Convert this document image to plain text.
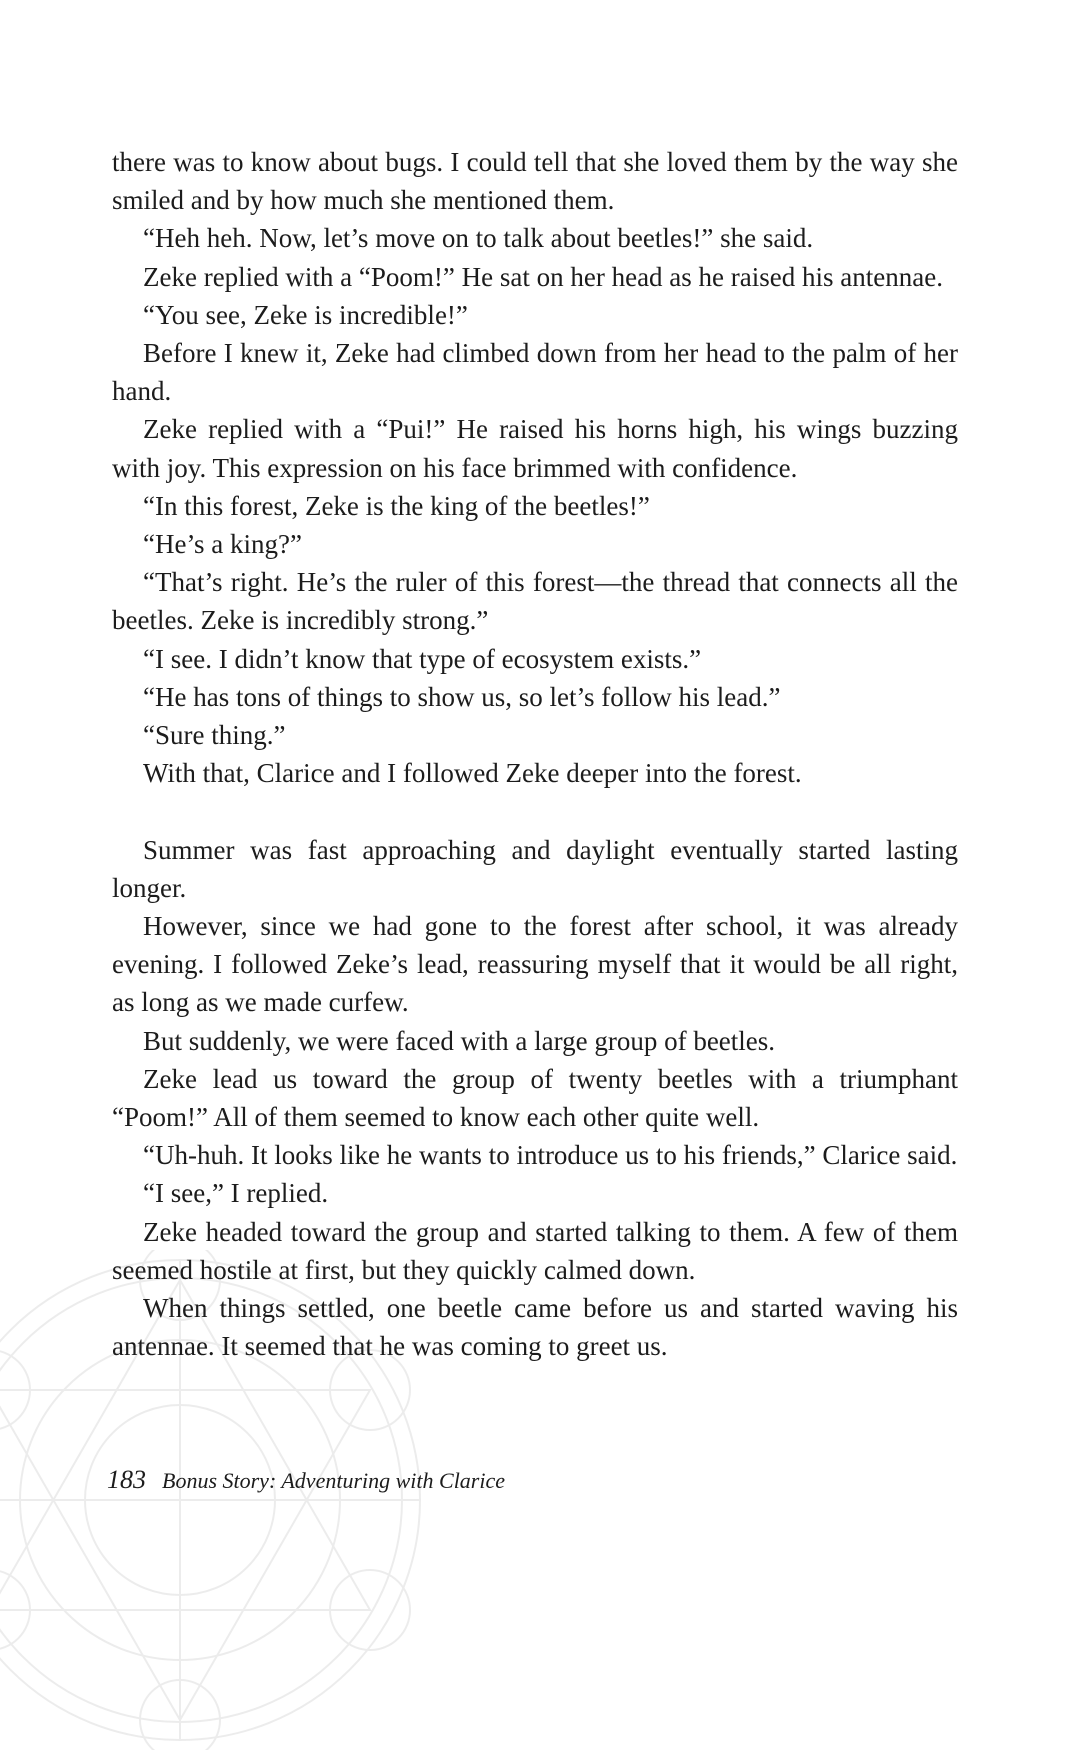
there was to know about bugs. I could tell that she loved them by the way she smiled and by how much she mentioned them.

“Heh heh. Now, let’s move on to talk about beetles!” she said.

Zeke replied with a “Poom!” He sat on her head as he raised his antennae.

“You see, Zeke is incredible!”

Before I knew it, Zeke had climbed down from her head to the palm of her hand.

Zeke replied with a “Pui!” He raised his horns high, his wings buzzing with joy. This expression on his face brimmed with confidence.

“In this forest, Zeke is the king of the beetles!”

“He’s a king?”

“That’s right. He’s the ruler of this forest—the thread that connects all the beetles. Zeke is incredibly strong.”

“I see. I didn’t know that type of ecosystem exists.”

“He has tons of things to show us, so let’s follow his lead.”

“Sure thing.”

With that, Clarice and I followed Zeke deeper into the forest.

Summer was fast approaching and daylight eventually started lasting longer.

However, since we had gone to the forest after school, it was already evening. I followed Zeke’s lead, reassuring myself that it would be all right, as long as we made curfew.

But suddenly, we were faced with a large group of beetles.

Zeke lead us toward the group of twenty beetles with a triumphant “Poom!” All of them seemed to know each other quite well.

“Uh-huh. It looks like he wants to introduce us to his friends,” Clarice said.

“I see,” I replied.

Zeke headed toward the group and started talking to them. A few of them seemed hostile at first, but they quickly calmed down.

When things settled, one beetle came before us and started waving his antennae. It seemed that he was coming to greet us.

183 Bonus Story: Adventuring with Clarice
